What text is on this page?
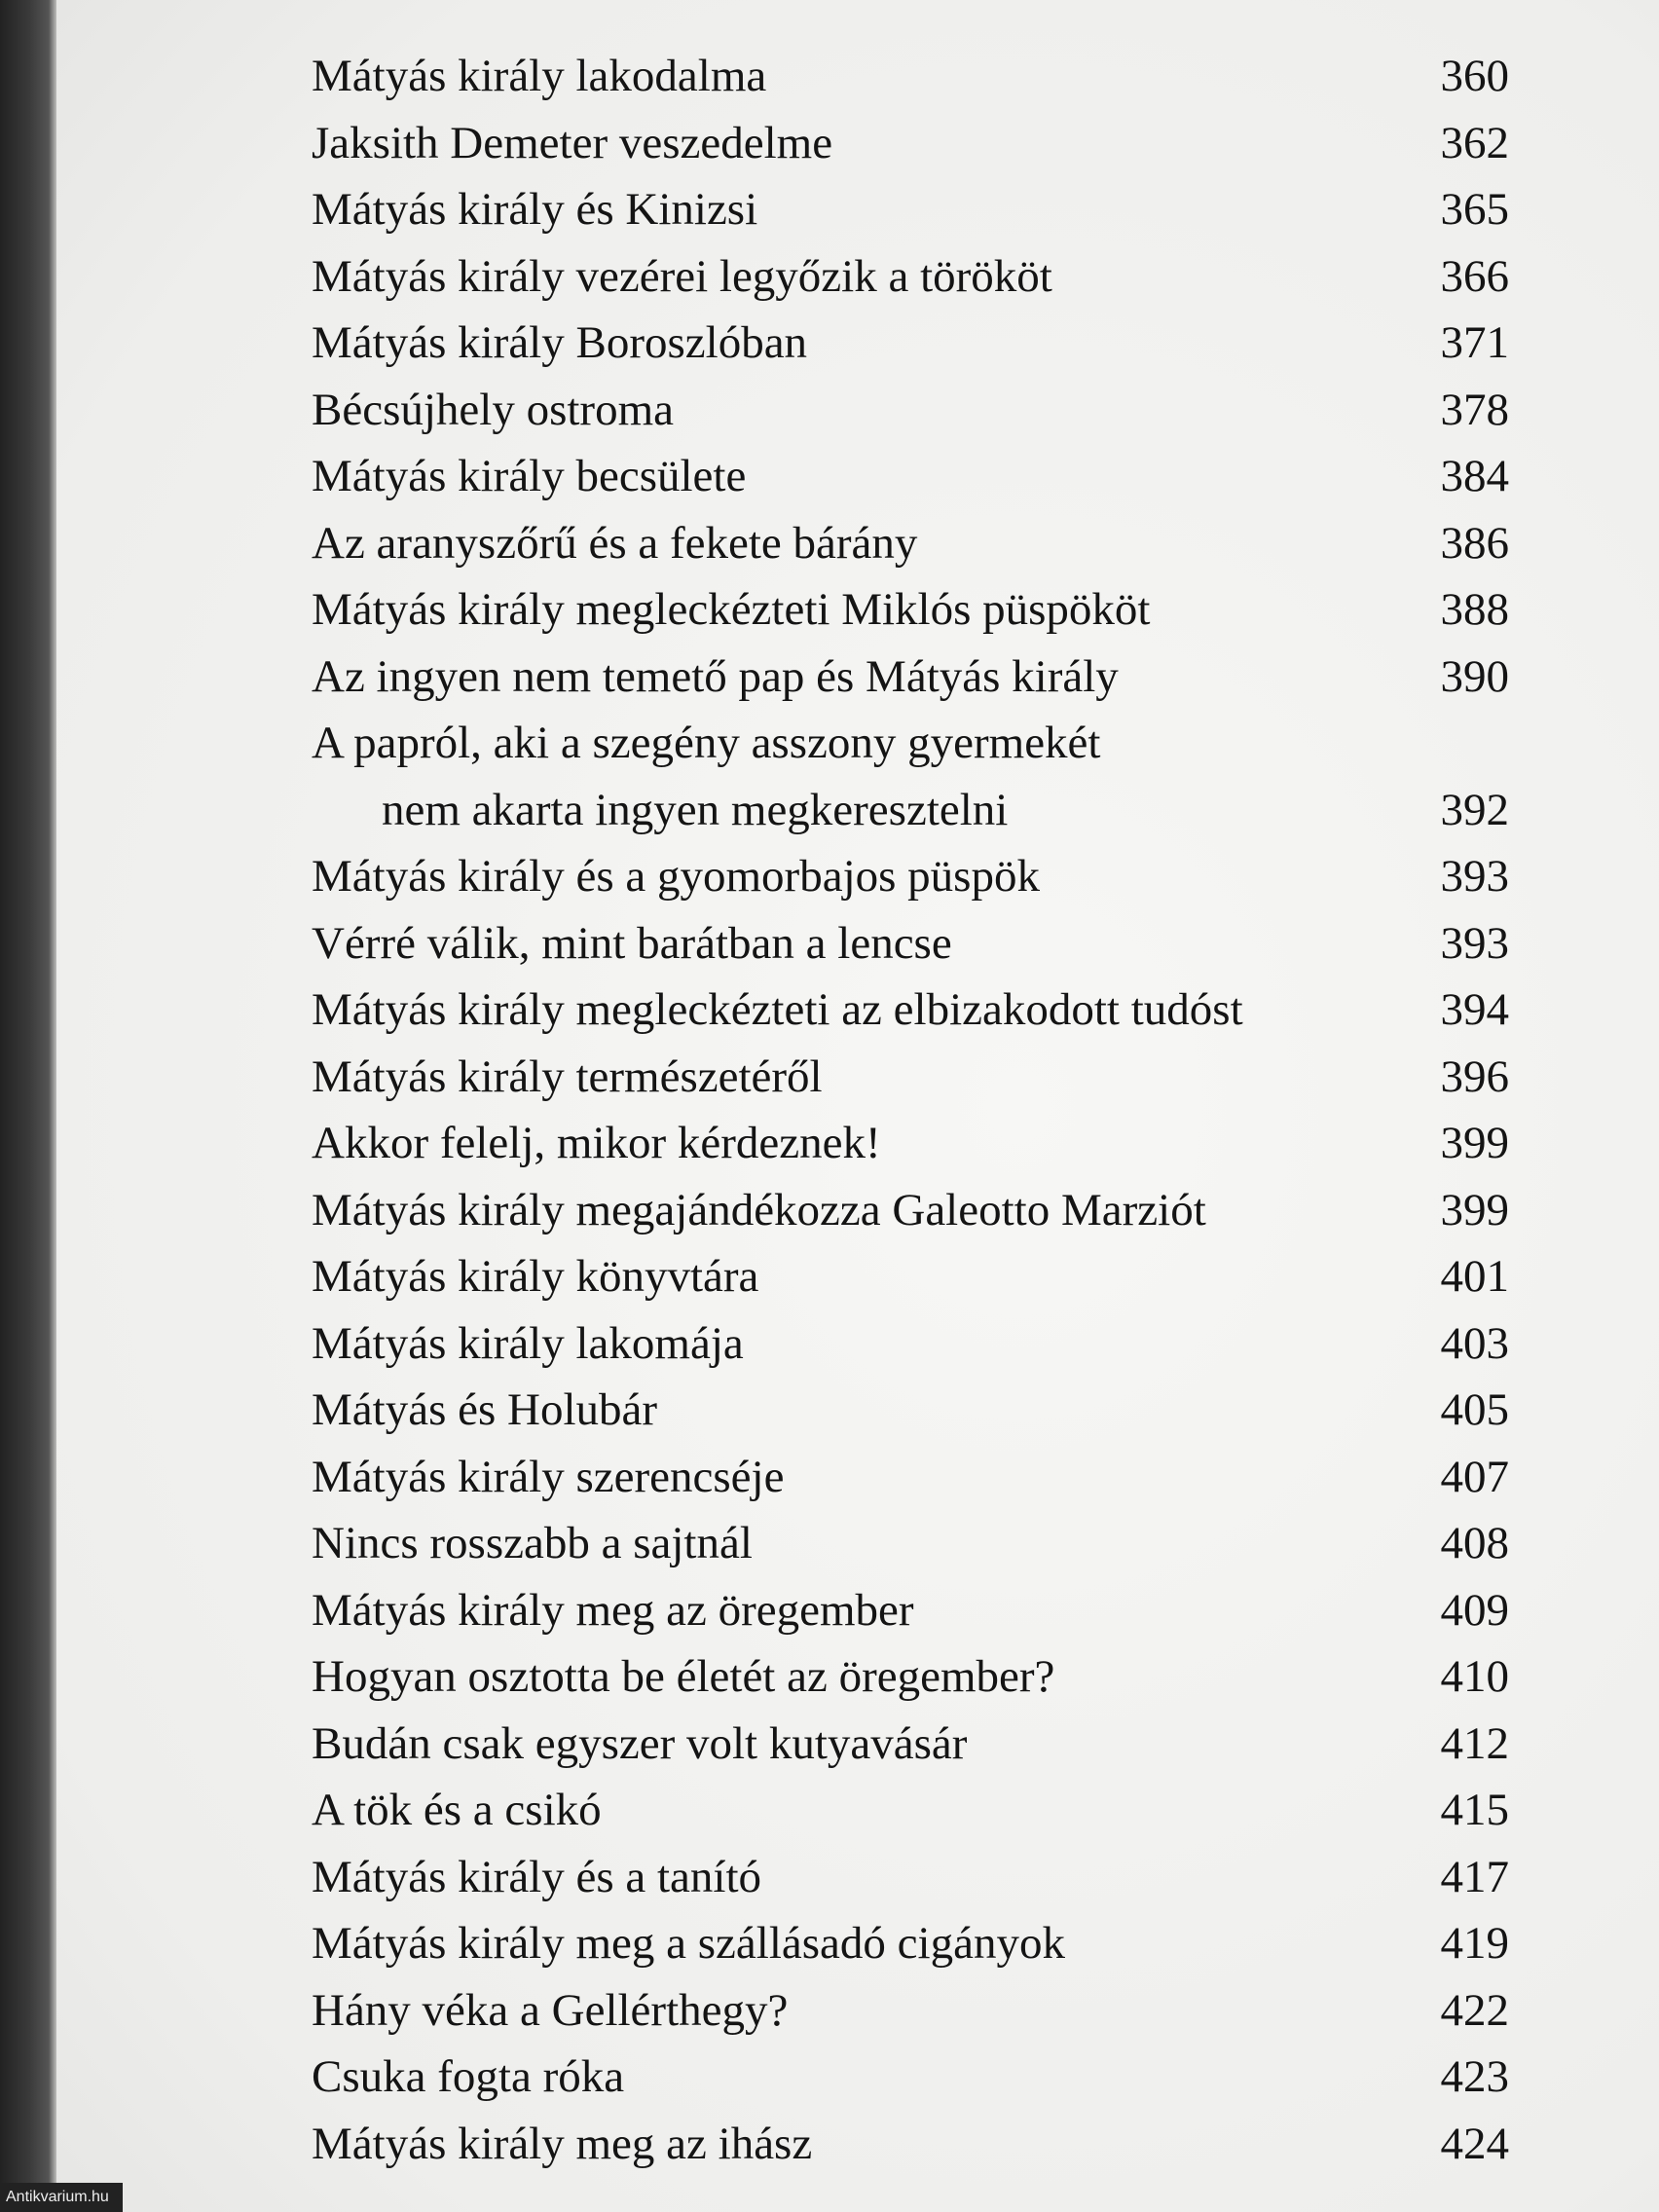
Mátyás király lakodalma	360
Jaksith Demeter veszedelme	362
Mátyás király és Kinizsi	365
Mátyás király vezérei legyőzik a törököt	366
Mátyás király Boroszlóban	371
Bécsújhely ostroma	378
Mátyás király becsülete	384
Az aranyszőrű és a fekete bárány	386
Mátyás király megleckézteti Miklós püspököt	388
Az ingyen nem temető pap és Mátyás király	390
A papról, aki a szegény asszony gyermekét
nem akarta ingyen megkeresztelni	392
Mátyás király és a gyomorbajos püspök	393
Vérré válik, mint barátban a lencse	393
Mátyás király megleckézteti az elbizakodott tudóst	394
Mátyás király természetéről	396
Akkor felelj, mikor kérdeznek!	399
Mátyás király megajándékozza Galeotto Marziót	399
Mátyás király könyvtára	401
Mátyás király lakomája	403
Mátyás és Holubár	405
Mátyás király szerencséje	407
Nincs rosszabb a sajtnál	408
Mátyás király meg az öregember	409
Hogyan osztotta be életét az öregember?	410
Budán csak egyszer volt kutyavásár	412
A tök és a csikó	415
Mátyás király és a tanító	417
Mátyás király meg a szállásadó cigányok	419
Hány véka a Gellérthegy?	422
Csuka fogta róka	423
Mátyás király meg az ihász	424
Antikvarium.hu
